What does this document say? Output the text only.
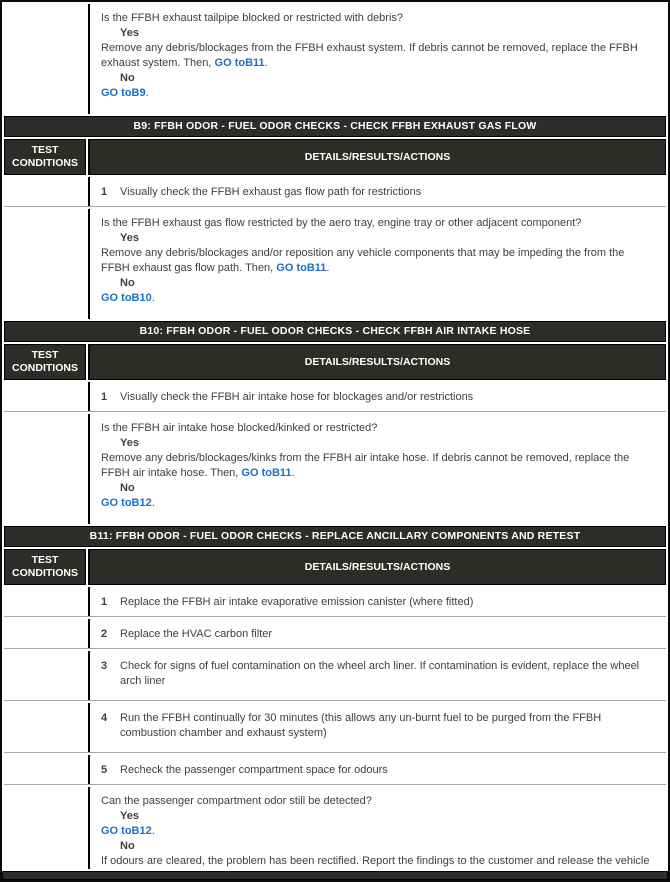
Is the FFBH exhaust tailpipe blocked or restricted with debris?
Yes
Remove any debris/blockages from the FFBH exhaust system. If debris cannot be removed, replace the FFBH exhaust system. Then, GO toB11.
No
GO toB9.
B9: FFBH ODOR - FUEL ODOR CHECKS - CHECK FFBH EXHAUST GAS FLOW
TEST CONDITIONS
DETAILS/RESULTS/ACTIONS
1	Visually check the FFBH exhaust gas flow path for restrictions
Is the FFBH exhaust gas flow restricted by the aero tray, engine tray or other adjacent component?
Yes
Remove any debris/blockages and/or reposition any vehicle components that may be impeding the from the FFBH exhaust gas flow path. Then, GO toB11.
No
GO toB10.
B10: FFBH ODOR - FUEL ODOR CHECKS - CHECK FFBH AIR INTAKE HOSE
TEST CONDITIONS
DETAILS/RESULTS/ACTIONS
1	Visually check the FFBH air intake hose for blockages and/or restrictions
Is the FFBH air intake hose blocked/kinked or restricted?
Yes
Remove any debris/blockages/kinks from the FFBH air intake hose. If debris cannot be removed, replace the FFBH air intake hose. Then, GO toB11.
No
GO toB12.
B11: FFBH ODOR - FUEL ODOR CHECKS - REPLACE ANCILLARY COMPONENTS AND RETEST
TEST CONDITIONS
DETAILS/RESULTS/ACTIONS
1	Replace the FFBH air intake evaporative emission canister (where fitted)
2	Replace the HVAC carbon filter
3	Check for signs of fuel contamination on the wheel arch liner. If contamination is evident, replace the wheel arch liner
4	Run the FFBH continually for 30 minutes (this allows any un-burnt fuel to be purged from the FFBH combustion chamber and exhaust system)
5	Recheck the passenger compartment space for odours
Can the passenger compartment odor still be detected?
Yes
GO toB12.
No
If odours are cleared, the problem has been rectified. Report the findings to the customer and release the vehicle
